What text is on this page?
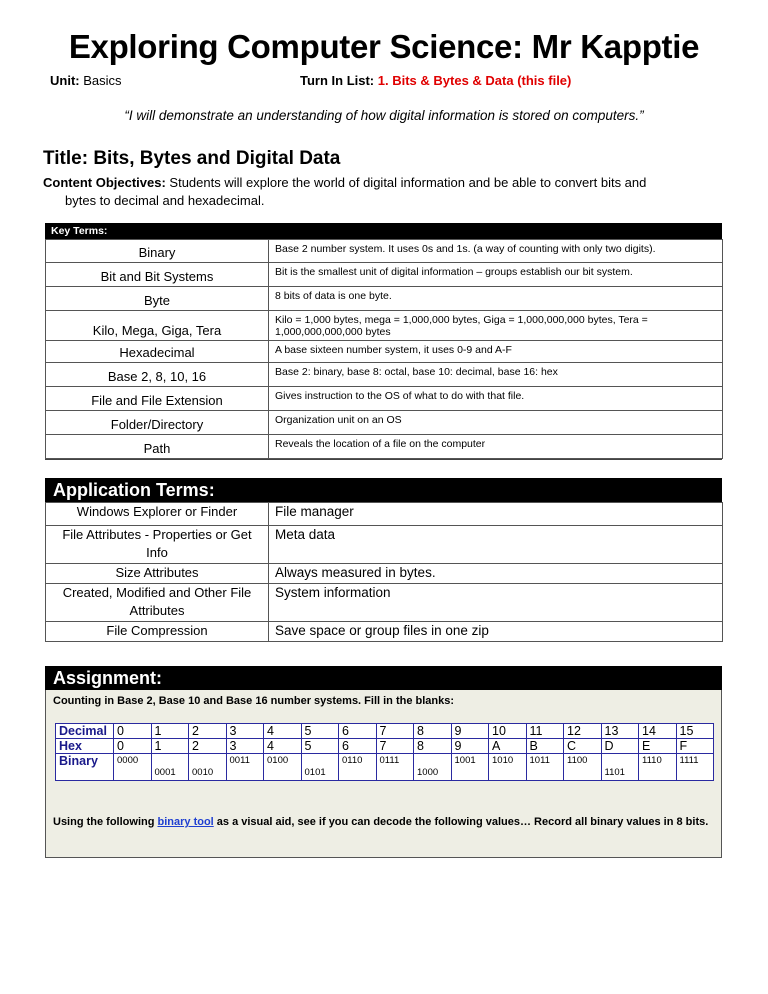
Exploring Computer Science: Mr Kapptie
Unit: Basics	Turn In List: 1. Bits & Bytes & Data (this file)
“I will demonstrate an understanding of how digital information is stored on computers.”
Title: Bits, Bytes and Digital Data
Content Objectives: Students will explore the world of digital information and be able to convert bits and
bytes to decimal and hexadecimal.
Key Terms:
Binary	Base 2 number system. It uses 0s and 1s. (a way of counting with only two digits).
Bit and Bit Systems	Bit is the smallest unit of digital information – groups establish our bit system.
Byte	8 bits of data is one byte.
Kilo, Mega, Giga, Tera	Kilo = 1,000 bytes, mega = 1,000,000 bytes, Giga = 1,000,000,000 bytes, Tera = 1,000,000,000,000 bytes
Hexadecimal	A base sixteen number system, it uses 0-9 and A-F
Base 2, 8, 10, 16	Base 2: binary, base 8: octal, base 10: decimal, base 16: hex
File and File Extension	Gives instruction to the OS of what to do with that file.
Folder/Directory	Organization unit on an OS
Path	Reveals the location of a file on the computer
Application Terms:
Windows Explorer or Finder	File manager
File Attributes - Properties or Get Info	Meta data
Size Attributes	Always measured in bytes.
Created, Modified and Other File Attributes	System information
File Compression	Save space or group files in one zip
Assignment:
Counting in Base 2, Base 10 and Base 16 number systems. Fill in the blanks:
Decimal	0	1	2	3	4	5	6	7	8	9	10	11	12	13	14	15
Hex	0	1	2	3	4	5	6	7	8	9	A	B	C	D	E	F
Binary	0000	0001	0010	0011	0100	0101	0110	0111	1000	1001	1010	1011	1100	1101	1110	1111
Using the following binary tool as a visual aid, see if you can decode the following values… Record all binary values in 8 bits.
